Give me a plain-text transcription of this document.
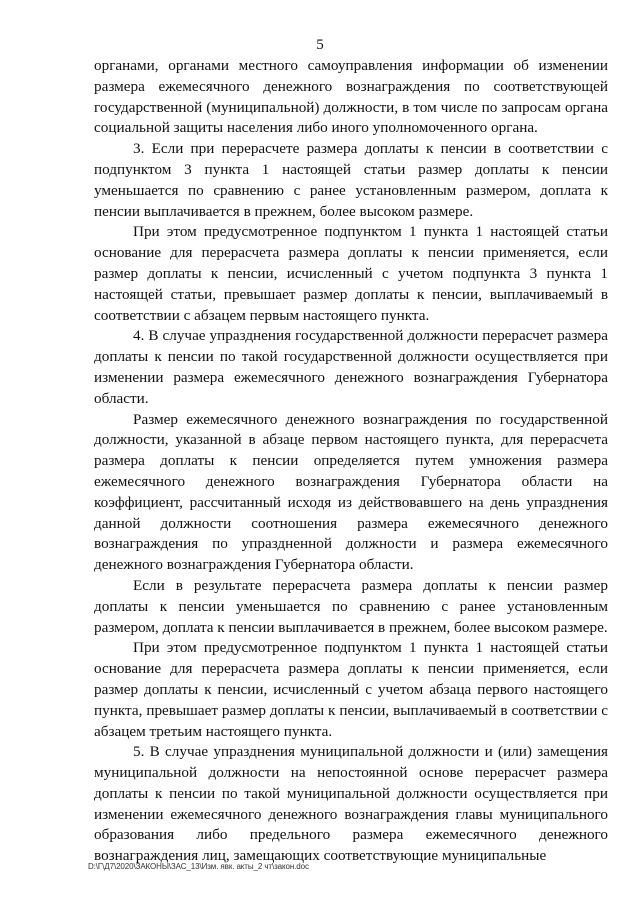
5

органами, органами местного самоуправления информации об изменении размера ежемесячного денежного вознаграждения по соответствующей государственной (муниципальной) должности, в том числе по запросам органа социальной защиты населения либо иного уполномоченного органа.

3. Если при перерасчете размера доплаты к пенсии в соответствии с подпунктом 3 пункта 1 настоящей статьи размер доплаты к пенсии уменьшается по сравнению с ранее установленным размером, доплата к пенсии выплачивается в прежнем, более высоком размере.

При этом предусмотренное подпунктом 1 пункта 1 настоящей статьи основание для перерасчета размера доплаты к пенсии применяется, если размер доплаты к пенсии, исчисленный с учетом подпункта 3 пункта 1 настоящей статьи, превышает размер доплаты к пенсии, выплачиваемый в соответствии с абзацем первым настоящего пункта.

4. В случае упразднения государственной должности перерасчет размера доплаты к пенсии по такой государственной должности осуществляется при изменении размера ежемесячного денежного вознаграждения Губернатора области.

Размер ежемесячного денежного вознаграждения по государственной должности, указанной в абзаце первом настоящего пункта, для перерасчета размера доплаты к пенсии определяется путем умножения размера ежемесячного денежного вознаграждения Губернатора области на коэффициент, рассчитанный исходя из действовавшего на день упразднения данной должности соотношения размера ежемесячного денежного вознаграждения по упраздненной должности и размера ежемесячного денежного вознаграждения Губернатора области.

Если в результате перерасчета размера доплаты к пенсии размер доплаты к пенсии уменьшается по сравнению с ранее установленным размером, доплата к пенсии выплачивается в прежнем, более высоком размере.

При этом предусмотренное подпунктом 1 пункта 1 настоящей статьи основание для перерасчета размера доплаты к пенсии применяется, если размер доплаты к пенсии, исчисленный с учетом абзаца первого настоящего пункта, превышает размер доплаты к пенсии, выплачиваемый в соответствии с абзацем третьим настоящего пункта.

5. В случае упразднения муниципальной должности и (или) замещения муниципальной должности на непостоянной основе перерасчет размера доплаты к пенсии по такой муниципальной должности осуществляется при изменении ежемесячного денежного вознаграждения главы муниципального образования либо предельного размера ежемесячного денежного вознаграждения лиц, замещающих соответствующие муниципальные

D:\Г\Д7\2020\ЗАКОНЫ\ЗАС_13\Изм. явк. акты_2 чт\закон.doc
